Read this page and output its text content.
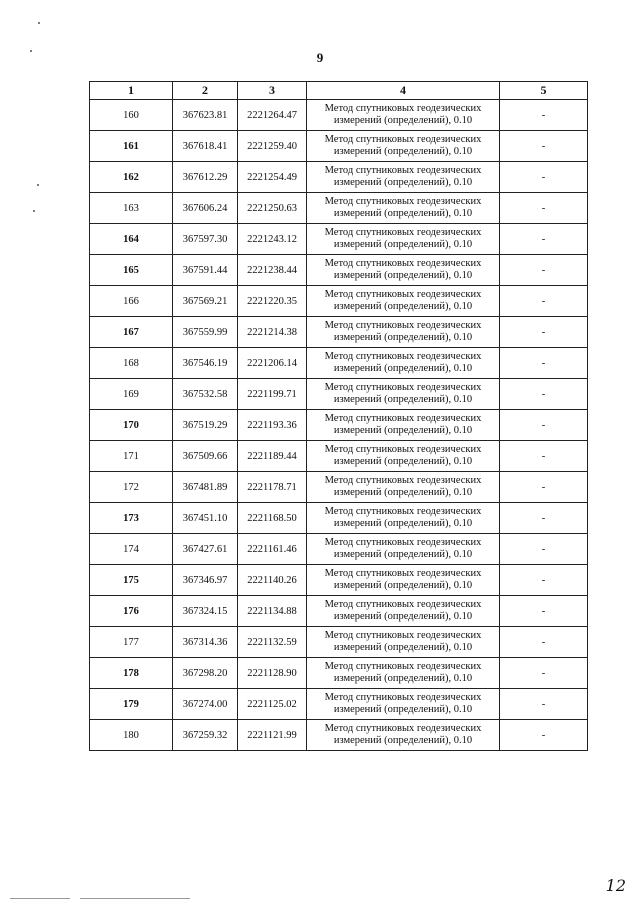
9
1	2	3	4	5
160	367623.81	2221264.47	Метод спутниковых геодезических измерений (определений), 0.10	-
161	367618.41	2221259.40	Метод спутниковых геодезических измерений (определений), 0.10	-
162	367612.29	2221254.49	Метод спутниковых геодезических измерений (определений), 0.10	-
163	367606.24	2221250.63	Метод спутниковых геодезических измерений (определений), 0.10	-
164	367597.30	2221243.12	Метод спутниковых геодезических измерений (определений), 0.10	-
165	367591.44	2221238.44	Метод спутниковых геодезических измерений (определений), 0.10	-
166	367569.21	2221220.35	Метод спутниковых геодезических измерений (определений), 0.10	-
167	367559.99	2221214.38	Метод спутниковых геодезических измерений (определений), 0.10	-
168	367546.19	2221206.14	Метод спутниковых геодезических измерений (определений), 0.10	-
169	367532.58	2221199.71	Метод спутниковых геодезических измерений (определений), 0.10	-
170	367519.29	2221193.36	Метод спутниковых геодезических измерений (определений), 0.10	-
171	367509.66	2221189.44	Метод спутниковых геодезических измерений (определений), 0.10	-
172	367481.89	2221178.71	Метод спутниковых геодезических измерений (определений), 0.10	-
173	367451.10	2221168.50	Метод спутниковых геодезических измерений (определений), 0.10	-
174	367427.61	2221161.46	Метод спутниковых геодезических измерений (определений), 0.10	-
175	367346.97	2221140.26	Метод спутниковых геодезических измерений (определений), 0.10	-
176	367324.15	2221134.88	Метод спутниковых геодезических измерений (определений), 0.10	-
177	367314.36	2221132.59	Метод спутниковых геодезических измерений (определений), 0.10	-
178	367298.20	2221128.90	Метод спутниковых геодезических измерений (определений), 0.10	-
179	367274.00	2221125.02	Метод спутниковых геодезических измерений (определений), 0.10	-
180	367259.32	2221121.99	Метод спутниковых геодезических измерений (определений), 0.10	-
12
